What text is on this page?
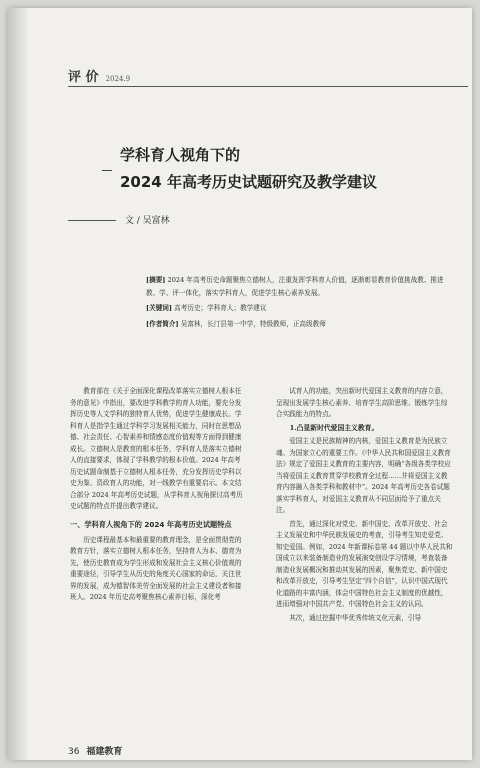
评 价 2024.9
学科育人视角下的
2024 年高考历史试题研究及教学建议
文 / 吴富林

[摘要] 2024 年高考历史命题聚焦立德树人，注重发挥学科育人价值，逐渐彰显教育价值挑战教、推进教、学、评一体化，落实学科育人，促进学生核心素养发展。

[关键词] 高考历史；学科育人；教学建议

[作者简介] 吴富林，长汀县第一中学，特级教师，正高级教师

教育部在《关于全面深化课程改革落实立德树人根本任务的意见》中指出，要改进学科教学的育人功能，要充分发挥历史等人文学科的独特育人优势，促进学生健康成长。学科育人是指学生通过学科学习发展相关能力，同时在思想品德、社会责任、心智素养和情感态度价值观等方面得到健康成长。立德树人是教育的根本任务，学科育人是落实立德树人的直接要求，体现了学科教学的根本价值。2024 年高考历史试题命制基于立德树人根本任务，充分发挥历史学科以史为鉴、资政育人的功能，对一线教学有重要启示。本文结合部分 2024 年高考历史试题，从学科育人视角探讨高考历史试题的特点并提出教学建议。

一、学科育人视角下的 2024 年高考历史试题特点

历史课程最基本和最重要的教育理念，是全面贯彻党的教育方针，落实立德树人根本任务，坚持育人为本、德育为先，使历史教育成为学生形成和发展社会主义核心价值观的重要途径，引导学生从历史的角度关心国家的命运，关注世界的发展，成为德智体美劳全面发展的社会主义建设者和接班人。2024 年历史高考聚焦核心素养目标，深化考

试育人的功能，突出新时代爱国主义教育的内容立意，呈现出发展学生核心素养、培育学生高阶思维、锻炼学生综合实践能力的特点。

1.凸显新时代爱国主义教育。

爱国主义是民族精神的内核，爱国主义教育是为民族立魂、为国家立心的重要工作。《中华人民共和国爱国主义教育法》规定了爱国主义教育的主要内容，明确“各级各类学校应当将爱国主义教育贯穿学校教育全过程……并将爱国主义教育内容融入各类学科和教材中”。2024 年高考历史各卷试题落实学科育人，对爱国主义教育从不同层面给予了重点关注。

首先，通过深化对党史、新中国史、改革开放史、社会主义发展史和中华民族发展史的考查，引导考生知史爱党、知史爱国。例如，2024 年新课标卷第 44 题以中华人民共和国成立以来装备制造业的发展演变创设学习情境，考查装备制造业发展概况和推动其发展的因素，聚焦党史、新中国史和改革开放史，引导考生坚定“四个自信”，认识中国式现代化道路的丰富内涵，体会中国特色社会主义制度的优越性，进而增强对中国共产党、中国特色社会主义的认同。

其次，通过挖掘中华优秀传统文化元素，引导

36 福建教育
